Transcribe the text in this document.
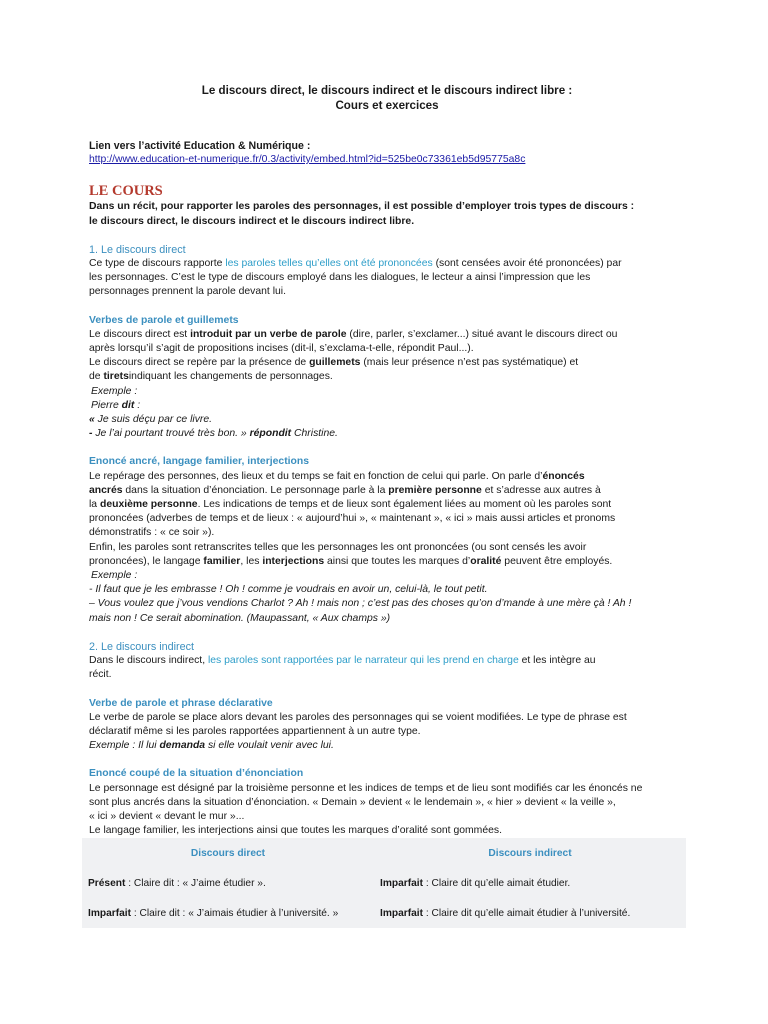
Le discours direct, le discours indirect et le discours indirect libre :
Cours et exercices
Lien vers l’activité Education & Numérique :
http://www.education-et-numerique.fr/0.3/activity/embed.html?id=525be0c73361eb5d95775a8c
LE COURS

Dans un récit, pour rapporter les paroles des personnages, il est possible d’employer trois types de discours :

le discours direct, le discours indirect et le discours indirect libre.

1. Le discours direct

Ce type de discours rapporte les paroles telles qu’elles ont été prononcées (sont censées avoir été prononcées) par

les personnages. C’est le type de discours employé dans les dialogues, le lecteur a ainsi l’impression que les

personnages prennent la parole devant lui.

Verbes de parole et guillemets

Le discours direct est introduit par un verbe de parole (dire, parler, s’exclamer...) situé avant le discours direct ou

après lorsqu’il s’agit de propositions incises (dit-il, s’exclama-t-elle, répondit Paul...).

Le discours direct se repère par la présence de guillemets (mais leur présence n’est pas systématique) et

de tiretsindiquant les changements de personnages.

Exemple :

Pierre dit :

« Je suis déçu par ce livre.

- Je l’ai pourtant trouvé très bon. » répondit Christine.

Enoncé ancré, langage familier, interjections

Le repérage des personnes, des lieux et du temps se fait en fonction de celui qui parle. On parle d’énoncés

ancrés dans la situation d’énonciation. Le personnage parle à la première personne et s’adresse aux autres à

la deuxième personne. Les indications de temps et de lieux sont également liées au moment où les paroles sont

prononcées (adverbes de temps et de lieux : « aujourd’hui », « maintenant », « ici » mais aussi articles et pronoms

démonstratifs : « ce soir »).

Enfin, les paroles sont retranscrites telles que les personnages les ont prononcées (ou sont censés les avoir

prononcées), le langage familier, les interjections ainsi que toutes les marques d’oralité peuvent être employés.

Exemple :

- Il faut que je les embrasse ! Oh ! comme je voudrais en avoir un, celui-là, le tout petit.

– Vous voulez que j’vous vendions Charlot ? Ah ! mais non ; c’est pas des choses qu’on d’mande à une mère çà ! Ah !

mais non ! Ce serait abomination. (Maupassant, « Aux champs »)

2. Le discours indirect

Dans le discours indirect, les paroles sont rapportées par le narrateur qui les prend en charge et les intègre au

récit.

Verbe de parole et phrase déclarative

Le verbe de parole se place alors devant les paroles des personnages qui se voient modifiées. Le type de phrase est

déclaratif même si les paroles rapportées appartiennent à un autre type.

Exemple : Il lui demanda si elle voulait venir avec lui.

Enoncé coupé de la situation d’énonciation

Le personnage est désigné par la troisième personne et les indices de temps et de lieu sont modifiés car les énoncés ne

sont plus ancrés dans la situation d’énonciation. « Demain » devient « le lendemain », « hier » devient « la veille »,

« ici » devient « devant le mur »...

Le langage familier, les interjections ainsi que toutes les marques d’oralité sont gommées.

Discours direct	Discours indirect
Présent : Claire dit : « J’aime étudier ».	Imparfait : Claire dit qu’elle aimait étudier.
Imparfait : Claire dit : « J’aimais étudier à l’université. »	Imparfait : Claire dit qu’elle aimait étudier à l’université.
